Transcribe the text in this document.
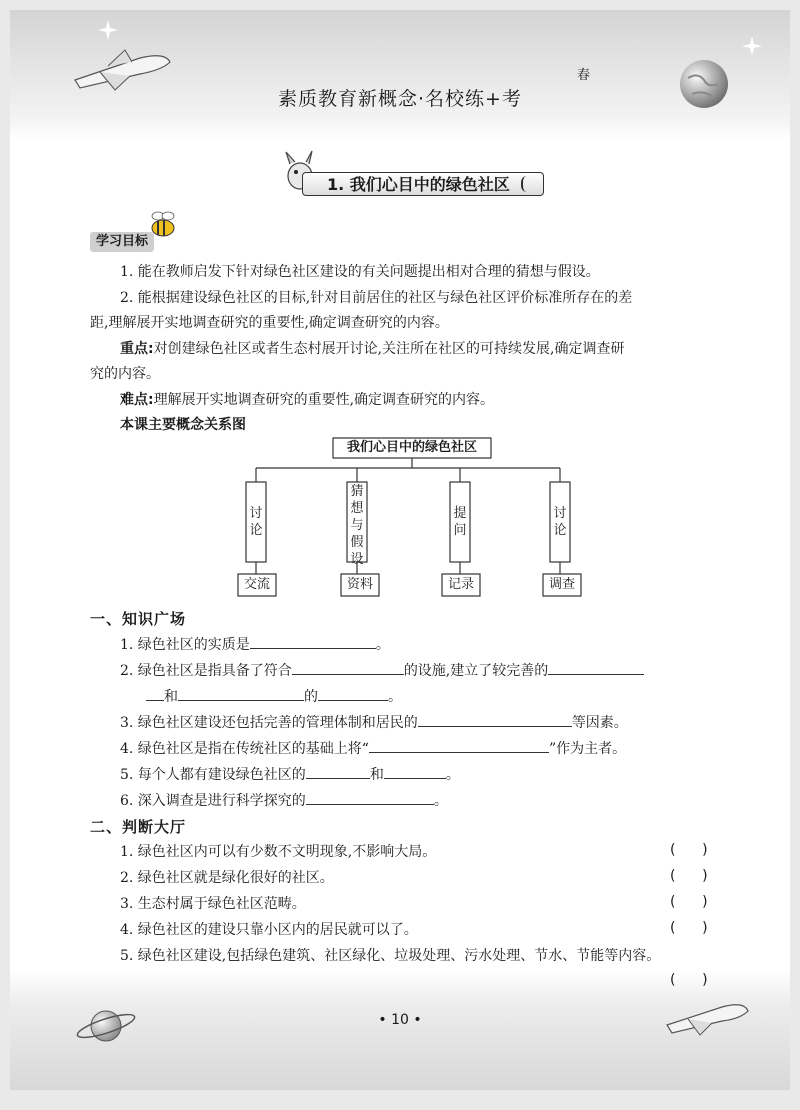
春
素质教育新概念·名校练+考
1. 我们心目中的绿色社区
学习目标
1. 能在教师启发下针对绿色社区建设的有关问题提出相对合理的猜想与假设。
2. 能根据建设绿色社区的目标,针对目前居住的社区与绿色社区评价标准所存在的差
距,理解展开实地调查研究的重要性,确定调查研究的内容。
重点:对创建绿色社区或者生态村展开讨论,关注所在社区的可持续发展,确定调查研
究的内容。
难点:理解展开实地调查研究的重要性,确定调查研究的内容。
本课主要概念关系图
我们心目中的绿色社区
讨
论
猜
想
与
假
设
提
问
讨
论
交流	资料	记录	调查
一、知识广场
1. 绿色社区的实质是	。
2. 绿色社区是指具备了符合	的设施,建立了较完善的
和	的	。
3. 绿色社区建设还包括完善的管理体制和居民的	等因素。
4. 绿色社区是指在传统社区的基础上将“	”作为主者。
5. 每个人都有建设绿色社区的	和	。
6. 深入调查是进行科学探究的	。
二、判断大厅
1. 绿色社区内可以有少数不文明现象,不影响大局。	(      )
2. 绿色社区就是绿化很好的社区。	(      )
3. 生态村属于绿色社区范畴。	(      )
4. 绿色社区的建设只靠小区内的居民就可以了。	(      )
5. 绿色社区建设,包括绿色建筑、社区绿化、垃圾处理、污水处理、节水、节能等内容。
(      )
• 10 •
